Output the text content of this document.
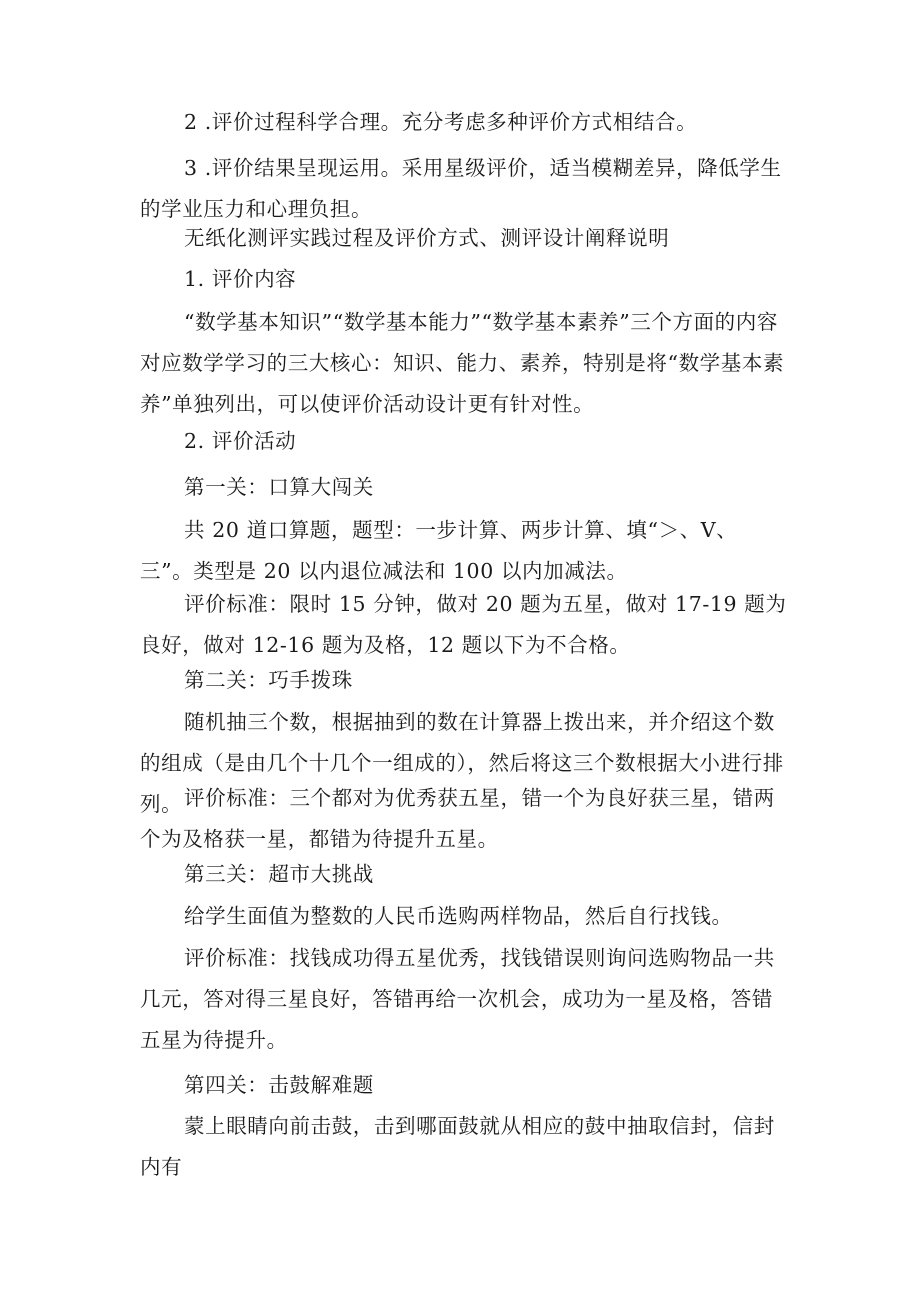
2 .评价过程科学合理。充分考虑多种评价方式相结合。

3 .评价结果呈现运用。采用星级评价，适当模糊差异，降低学生的学业压力和心理负担。

无纸化测评实践过程及评价方式、测评设计阐释说明

1. 评价内容

“数学基本知识”“数学基本能力”“数学基本素养”三个方面的内容对应数学学习的三大核心：知识、能力、素养，特别是将“数学基本素养”单独列出，可以使评价活动设计更有针对性。

2. 评价活动

第一关：口算大闯关

共 20 道口算题，题型：一步计算、两步计算、填“＞、V、三”。类型是 20 以内退位减法和 100 以内加减法。

评价标准：限时 15 分钟，做对 20 题为五星，做对 17-19 题为良好，做对 12-16 题为及格，12 题以下为不合格。

第二关：巧手拨珠

随机抽三个数，根据抽到的数在计算器上拨出来，并介绍这个数的组成（是由几个十几个一组成的），然后将这三个数根据大小进行排列。 评价标准：三个都对为优秀获五星，错一个为良好获三星，错两个为及格获一星，都错为待提升五星。

第三关：超市大挑战

给学生面值为整数的人民币选购两样物品，然后自行找钱。

评价标准：找钱成功得五星优秀，找钱错误则询问选购物品一共几元，答对得三星良好，答错再给一次机会，成功为一星及格，答错五星为待提升。

第四关：击鼓解难题

蒙上眼睛向前击鼓，击到哪面鼓就从相应的鼓中抽取信封，信封内有
